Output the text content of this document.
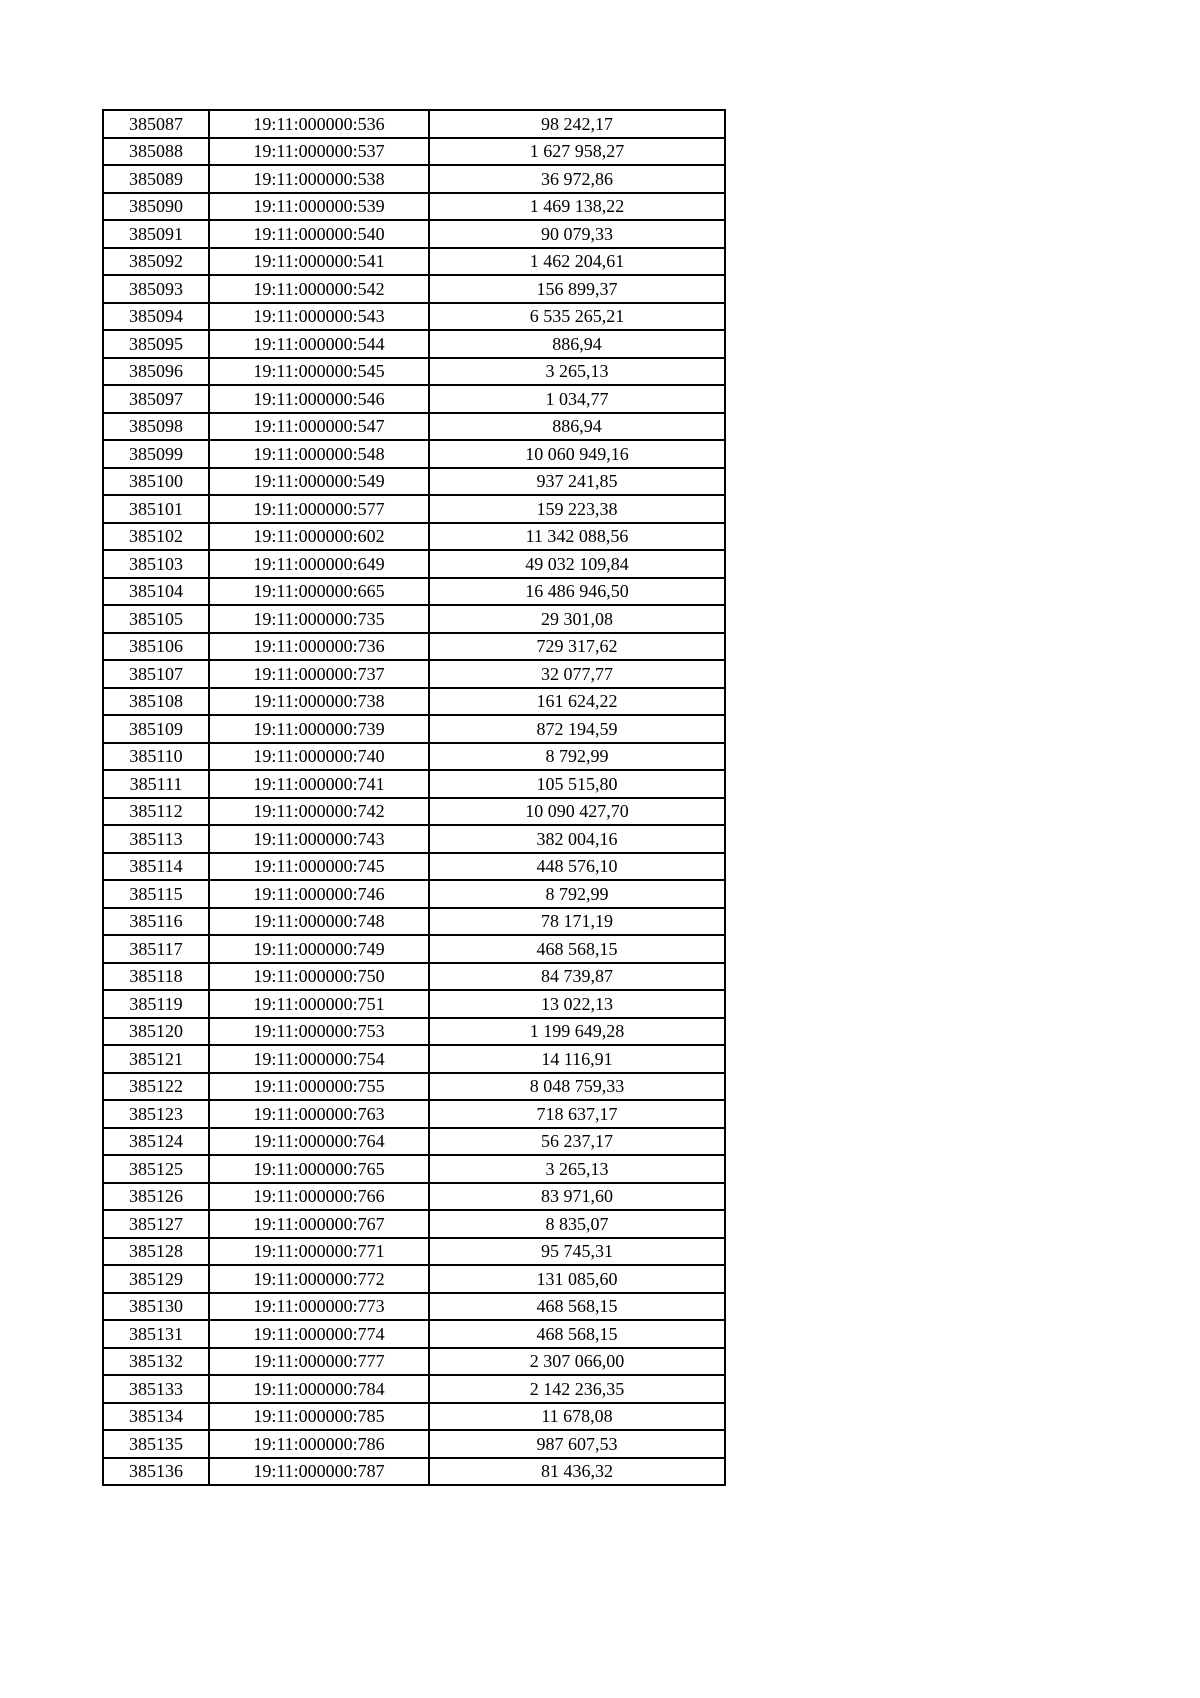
385087	19:11:000000:536	98 242,17
385088	19:11:000000:537	1 627 958,27
385089	19:11:000000:538	36 972,86
385090	19:11:000000:539	1 469 138,22
385091	19:11:000000:540	90 079,33
385092	19:11:000000:541	1 462 204,61
385093	19:11:000000:542	156 899,37
385094	19:11:000000:543	6 535 265,21
385095	19:11:000000:544	886,94
385096	19:11:000000:545	3 265,13
385097	19:11:000000:546	1 034,77
385098	19:11:000000:547	886,94
385099	19:11:000000:548	10 060 949,16
385100	19:11:000000:549	937 241,85
385101	19:11:000000:577	159 223,38
385102	19:11:000000:602	11 342 088,56
385103	19:11:000000:649	49 032 109,84
385104	19:11:000000:665	16 486 946,50
385105	19:11:000000:735	29 301,08
385106	19:11:000000:736	729 317,62
385107	19:11:000000:737	32 077,77
385108	19:11:000000:738	161 624,22
385109	19:11:000000:739	872 194,59
385110	19:11:000000:740	8 792,99
385111	19:11:000000:741	105 515,80
385112	19:11:000000:742	10 090 427,70
385113	19:11:000000:743	382 004,16
385114	19:11:000000:745	448 576,10
385115	19:11:000000:746	8 792,99
385116	19:11:000000:748	78 171,19
385117	19:11:000000:749	468 568,15
385118	19:11:000000:750	84 739,87
385119	19:11:000000:751	13 022,13
385120	19:11:000000:753	1 199 649,28
385121	19:11:000000:754	14 116,91
385122	19:11:000000:755	8 048 759,33
385123	19:11:000000:763	718 637,17
385124	19:11:000000:764	56 237,17
385125	19:11:000000:765	3 265,13
385126	19:11:000000:766	83 971,60
385127	19:11:000000:767	8 835,07
385128	19:11:000000:771	95 745,31
385129	19:11:000000:772	131 085,60
385130	19:11:000000:773	468 568,15
385131	19:11:000000:774	468 568,15
385132	19:11:000000:777	2 307 066,00
385133	19:11:000000:784	2 142 236,35
385134	19:11:000000:785	11 678,08
385135	19:11:000000:786	987 607,53
385136	19:11:000000:787	81 436,32
